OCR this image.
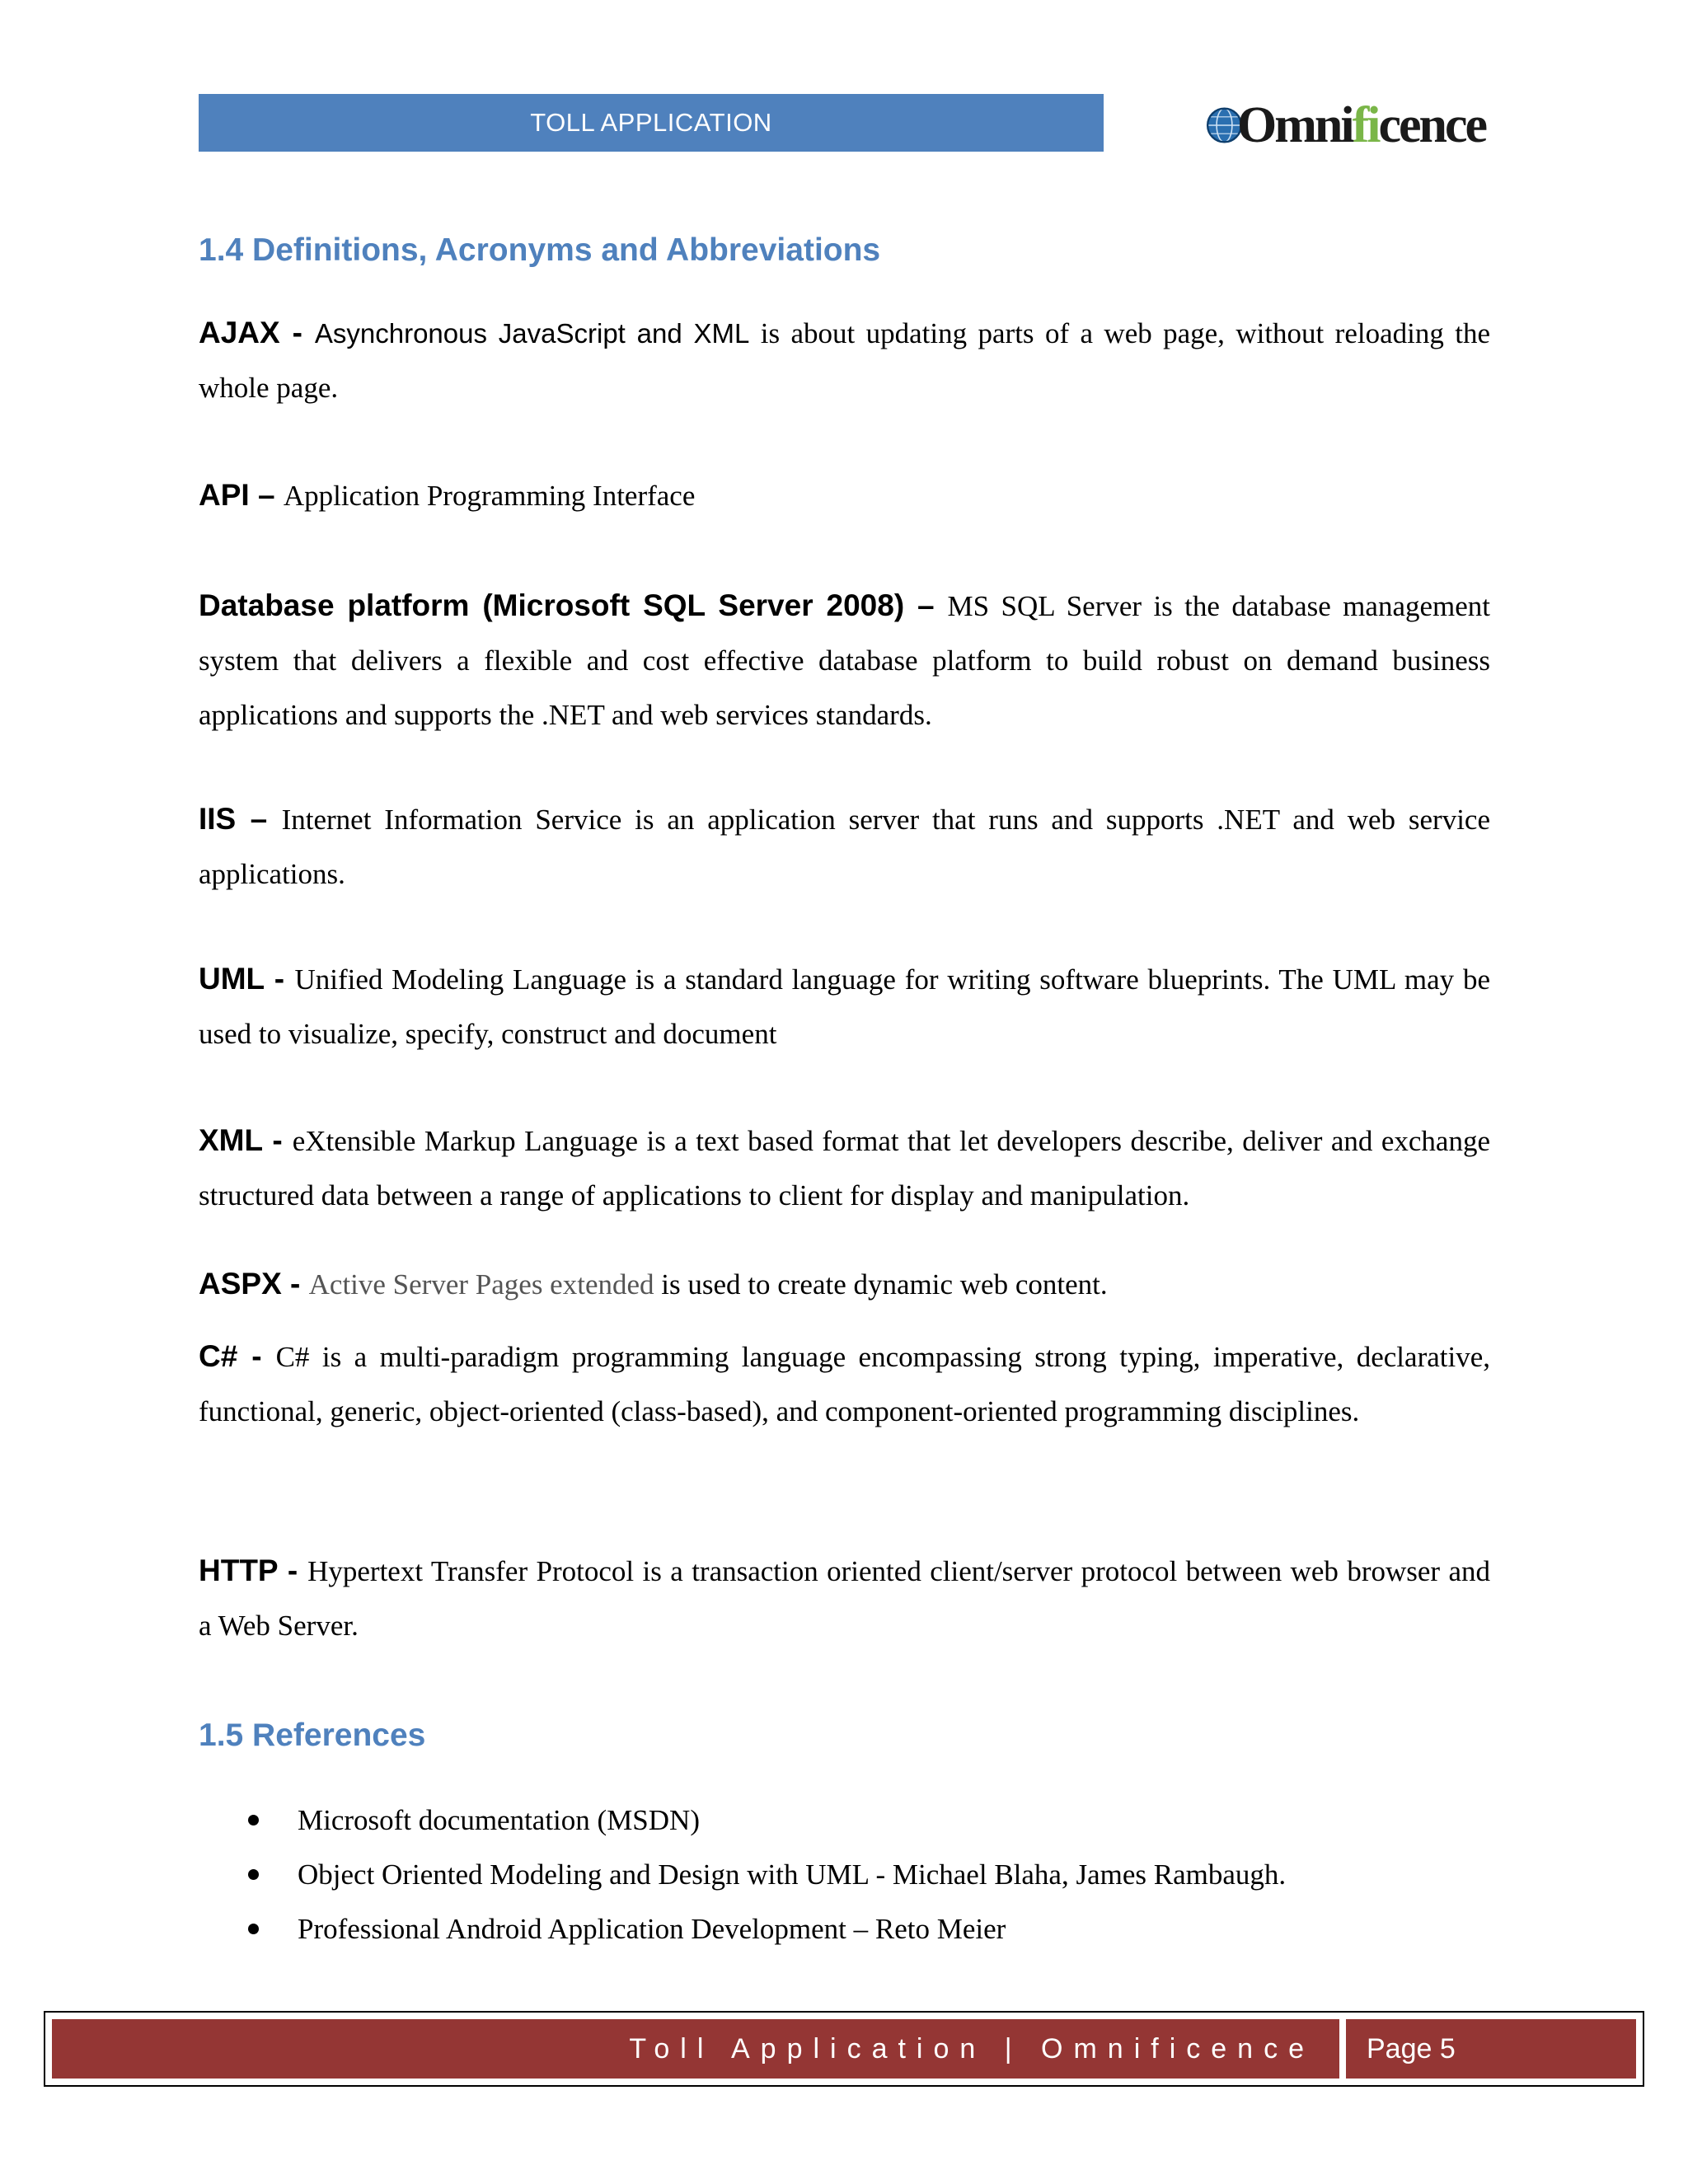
TOLL APPLICATION	Omnificence
1.4 Definitions, Acronyms and Abbreviations
AJAX - Asynchronous JavaScript and XML is about updating parts of a web page, without reloading the whole page.
API – Application Programming Interface
Database platform (Microsoft SQL Server 2008) – MS SQL Server is the database management system that delivers a flexible and cost effective database platform to build robust on demand business applications and supports the .NET and web services standards.
IIS – Internet Information Service is an application server that runs and supports .NET and web service applications.
UML - Unified Modeling Language is a standard language for writing software blueprints. The UML may be used to visualize, specify, construct and document
XML - eXtensible Markup Language is a text based format that let developers describe, deliver and exchange structured data between a range of applications to client for display and manipulation.
ASPX - Active Server Pages extended is used to create dynamic web content.
C# - C# is a multi-paradigm programming language encompassing strong typing, imperative, declarative, functional, generic, object-oriented (class-based), and component-oriented programming disciplines.
HTTP - Hypertext Transfer Protocol is a transaction oriented client/server protocol between web browser and a Web Server.
1.5 References
Microsoft documentation (MSDN)
Object Oriented Modeling and Design with UML - Michael Blaha, James Rambaugh.
Professional Android Application Development – Reto Meier
Toll Application | Omnificence Page 5
